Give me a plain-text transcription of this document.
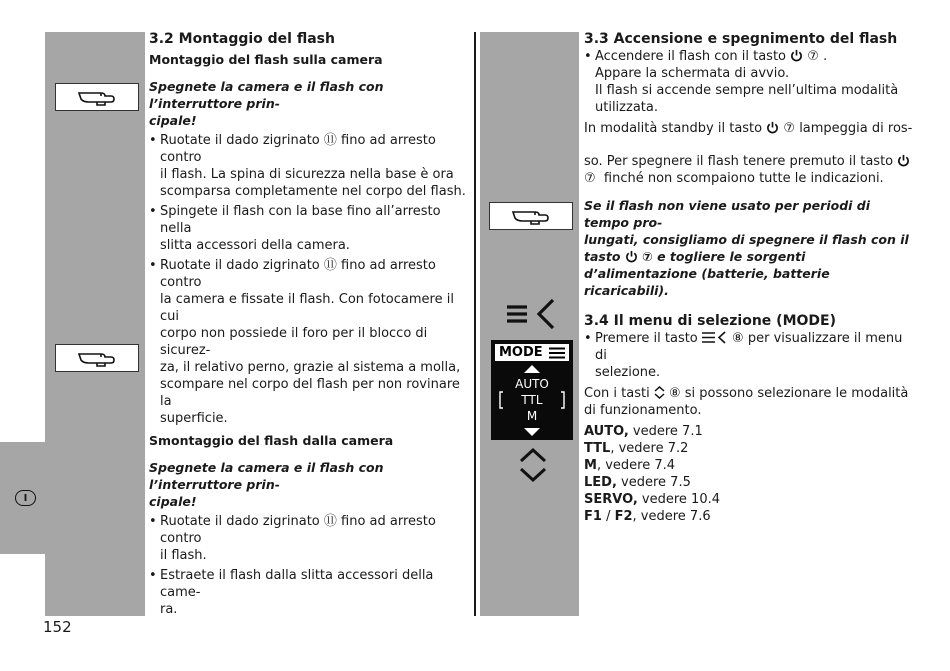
I
MODE
AUTO
TTL
M

3.2 Montaggio del flash

Montaggio del flash sulla camera

Spegnete la camera e il flash con l’interruttore prin-

cipale!

• Ruotate il dado zigrinato ⑪ fino ad arresto contro

il flash. La spina di sicurezza nella base è ora

scomparsa completamente nel corpo del flash.

• Spingete il flash con la base fino all’arresto nella

slitta accessori della camera.

• Ruotate il dado zigrinato ⑪ fino ad arresto contro

la camera e fissate il flash. Con fotocamere il cui

corpo non possiede il foro per il blocco di sicurez-

za, il relativo perno, grazie al sistema a molla,

scompare nel corpo del flash per non rovinare la

superficie.

Smontaggio del flash dalla camera

Spegnete la camera e il flash con l’interruttore prin-

cipale!

• Ruotate il dado zigrinato ⑪ fino ad arresto contro

il flash.

• Estraete il flash dalla slitta accessori della came-

ra.

3.3 Accensione e spegnimento del flash

• Accendere il flash con il tasto ⑦ .

Appare la schermata di avvio.

Il flash si accende sempre nell’ultima modalità

utilizzata.

In modalità standby il tasto ⑦ lampeggia di ros-

so. Per spegnere il flash tenere premuto il tasto

⑦ finché non scompaiono tutte le indicazioni.

Se il flash non viene usato per periodi di tempo pro-

lungati, consigliamo di spegnere il flash con il

tasto ⑦ e togliere le sorgenti

d’alimentazione (batterie, batterie ricaricabili).

3.4 Il menu di selezione (MODE)

• Premere il tasto	⑧ per visualizzare il menu di

selezione.

Con i tasti ⑧ si possono selezionare le modalità

di funzionamento.

AUTO, vedere 7.1

TTL, vedere 7.2

M, vedere 7.4

LED, vedere 7.5

SERVO, vedere 10.4

F1 / F2, vedere 7.6

152
